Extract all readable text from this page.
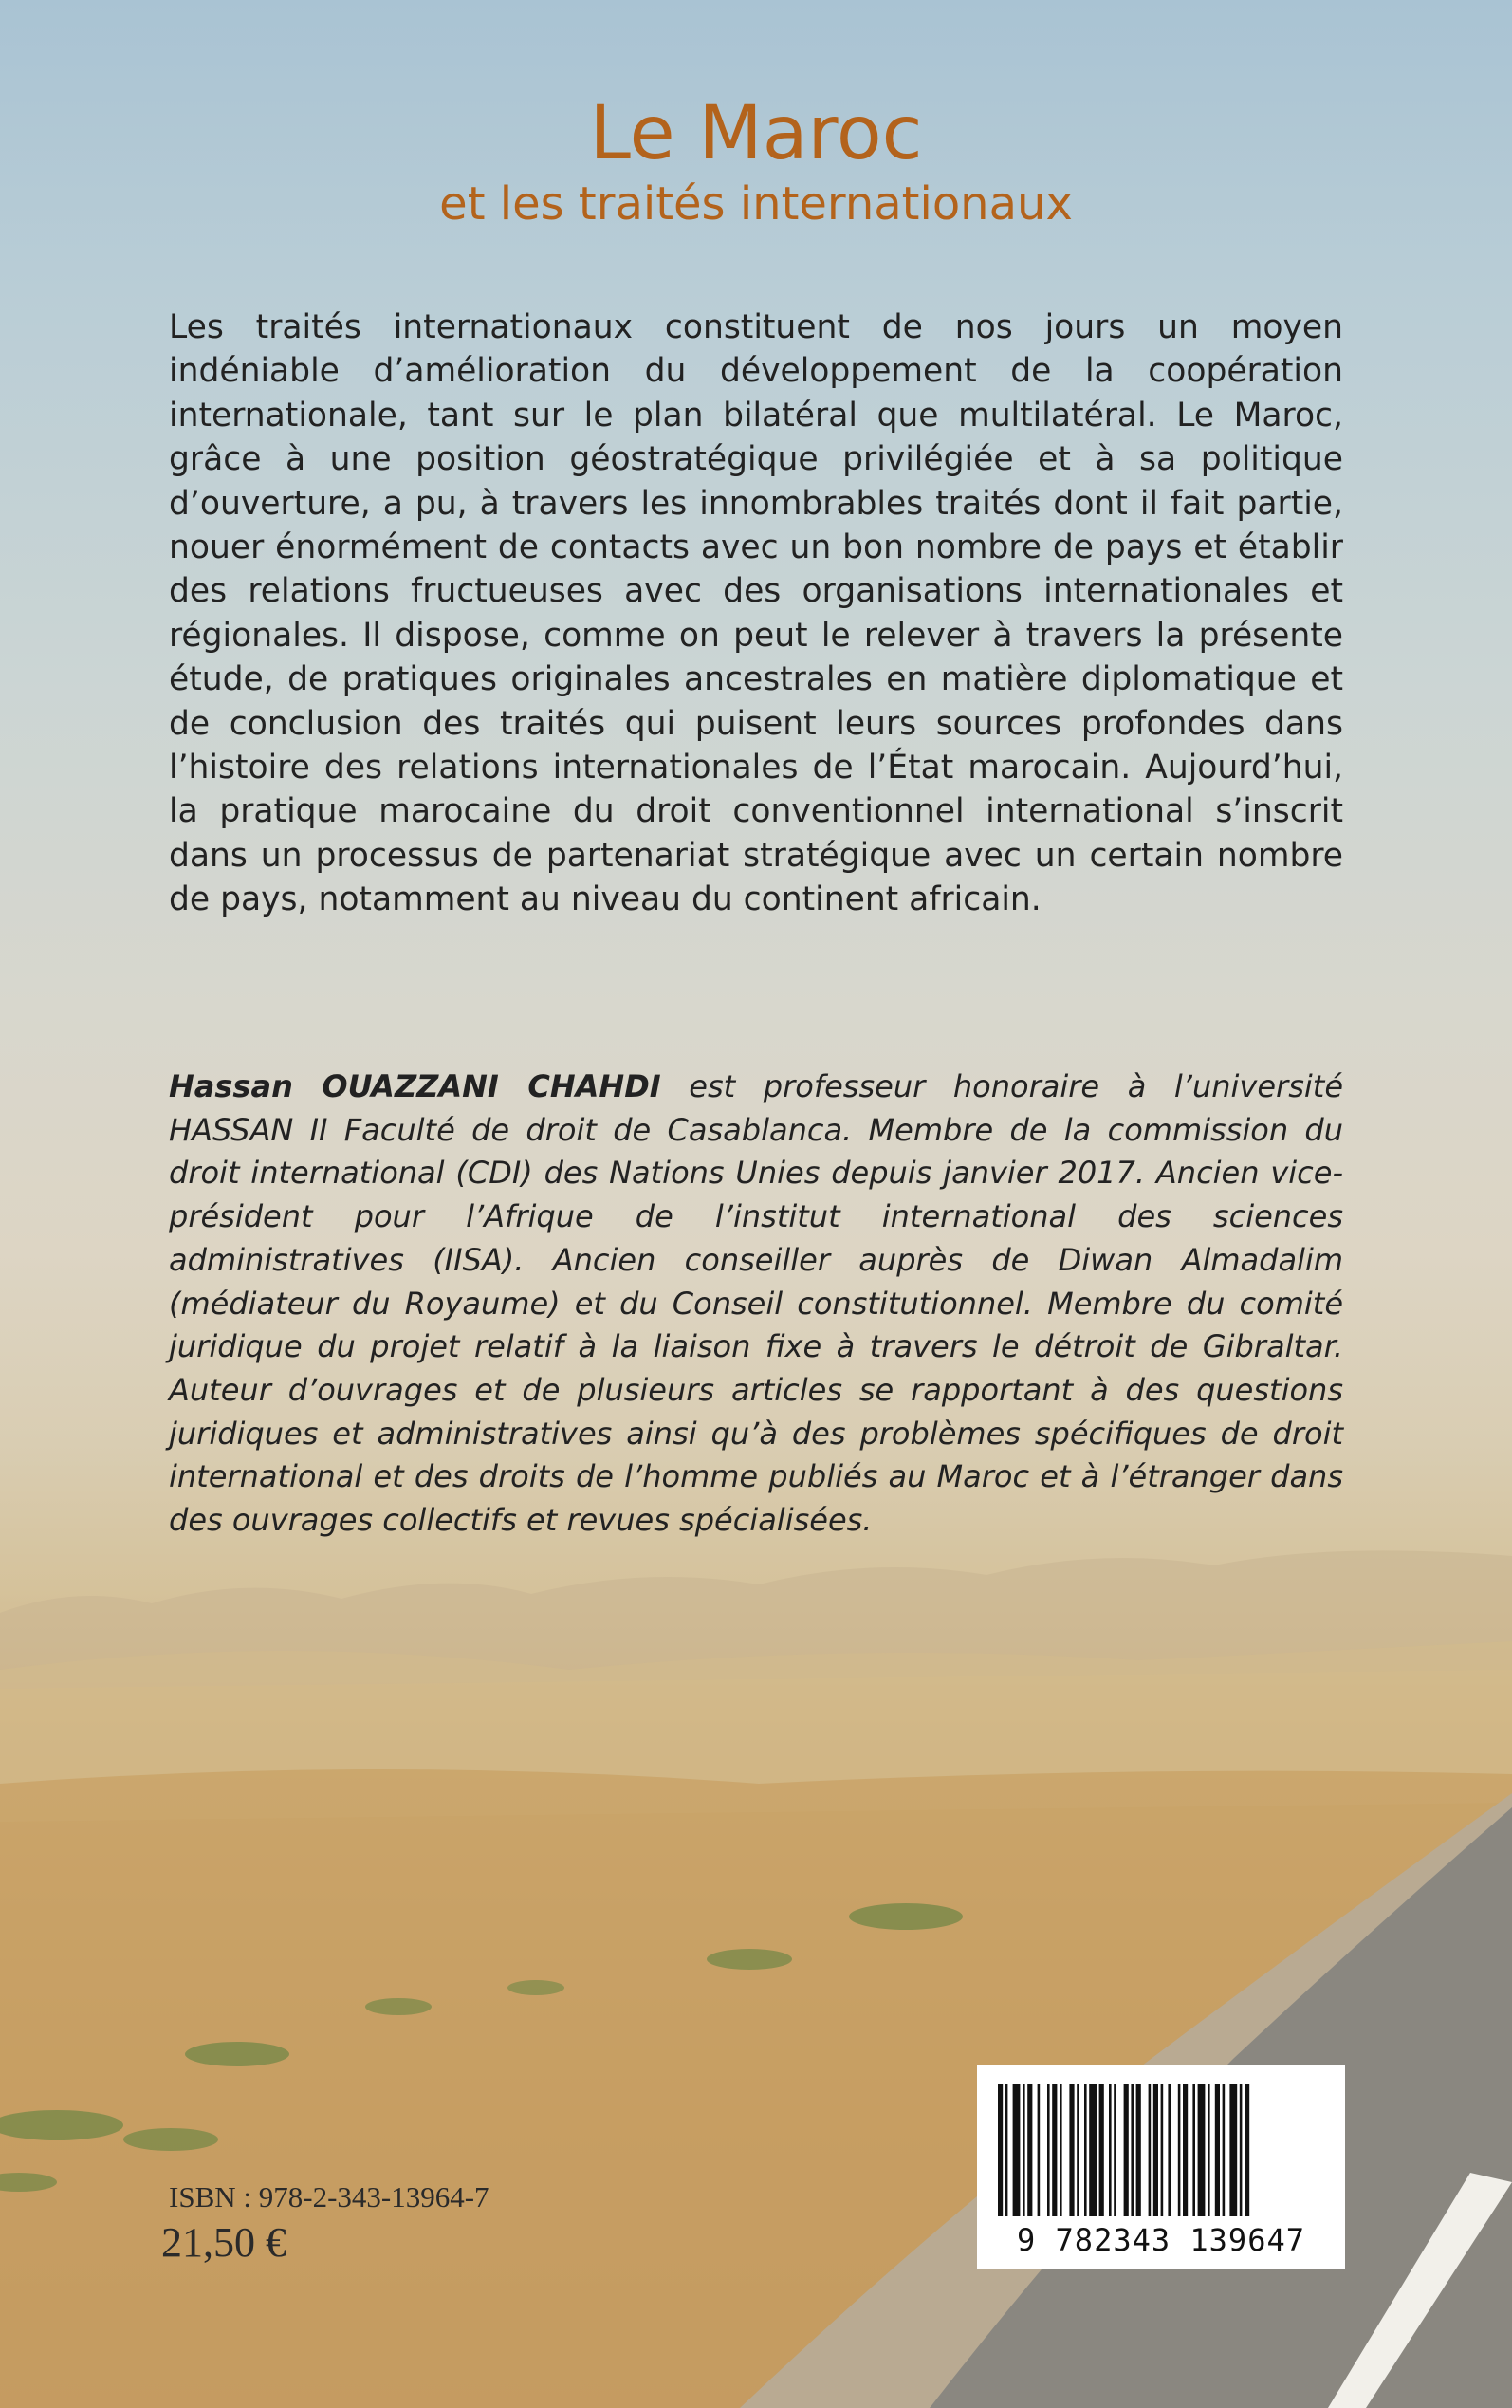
Le Maroc
et les traités internationaux

Les traités internationaux constituent de nos jours un moyen indéniable d’amélioration du développement de la coopération internationale, tant sur le plan bilatéral que multilatéral. Le Maroc, grâce à une position géostratégique privilégiée et à sa politique d’ouverture, a pu, à travers les innombrables traités dont il fait partie, nouer énormément de contacts avec un bon nombre de pays et établir des relations fructueuses avec des organisations internationales et régionales. Il dispose, comme on peut le relever à travers la présente étude, de pratiques originales ancestrales en matière diplomatique et de conclusion des traités qui puisent leurs sources profondes dans l’histoire des relations internationales de l’État marocain. Aujourd’hui, la pratique marocaine du droit conventionnel international s’inscrit dans un processus de partenariat stratégique avec un certain nombre de pays, notamment au niveau du continent africain.

Hassan OUAZZANI CHAHDI est professeur honoraire à l’université HASSAN II Faculté de droit de Casablanca. Membre de la commission du droit international (CDI) des Nations Unies depuis janvier 2017. Ancien vice-président pour l’Afrique de l’institut international des sciences administratives (IISA). Ancien conseiller auprès de Diwan Almadalim (médiateur du Royaume) et du Conseil constitutionnel. Membre du comité juridique du projet relatif à la liaison fixe à travers le détroit de Gibraltar. Auteur d’ouvrages et de plusieurs articles se rapportant à des questions juridiques et administratives ainsi qu’à des problèmes spécifiques de droit international et des droits de l’homme publiés au Maroc et à l’étranger dans des ouvrages collectifs et revues spécialisées.

ISBN : 978-2-343-13964-7
21,50 €	9 782343 139647
